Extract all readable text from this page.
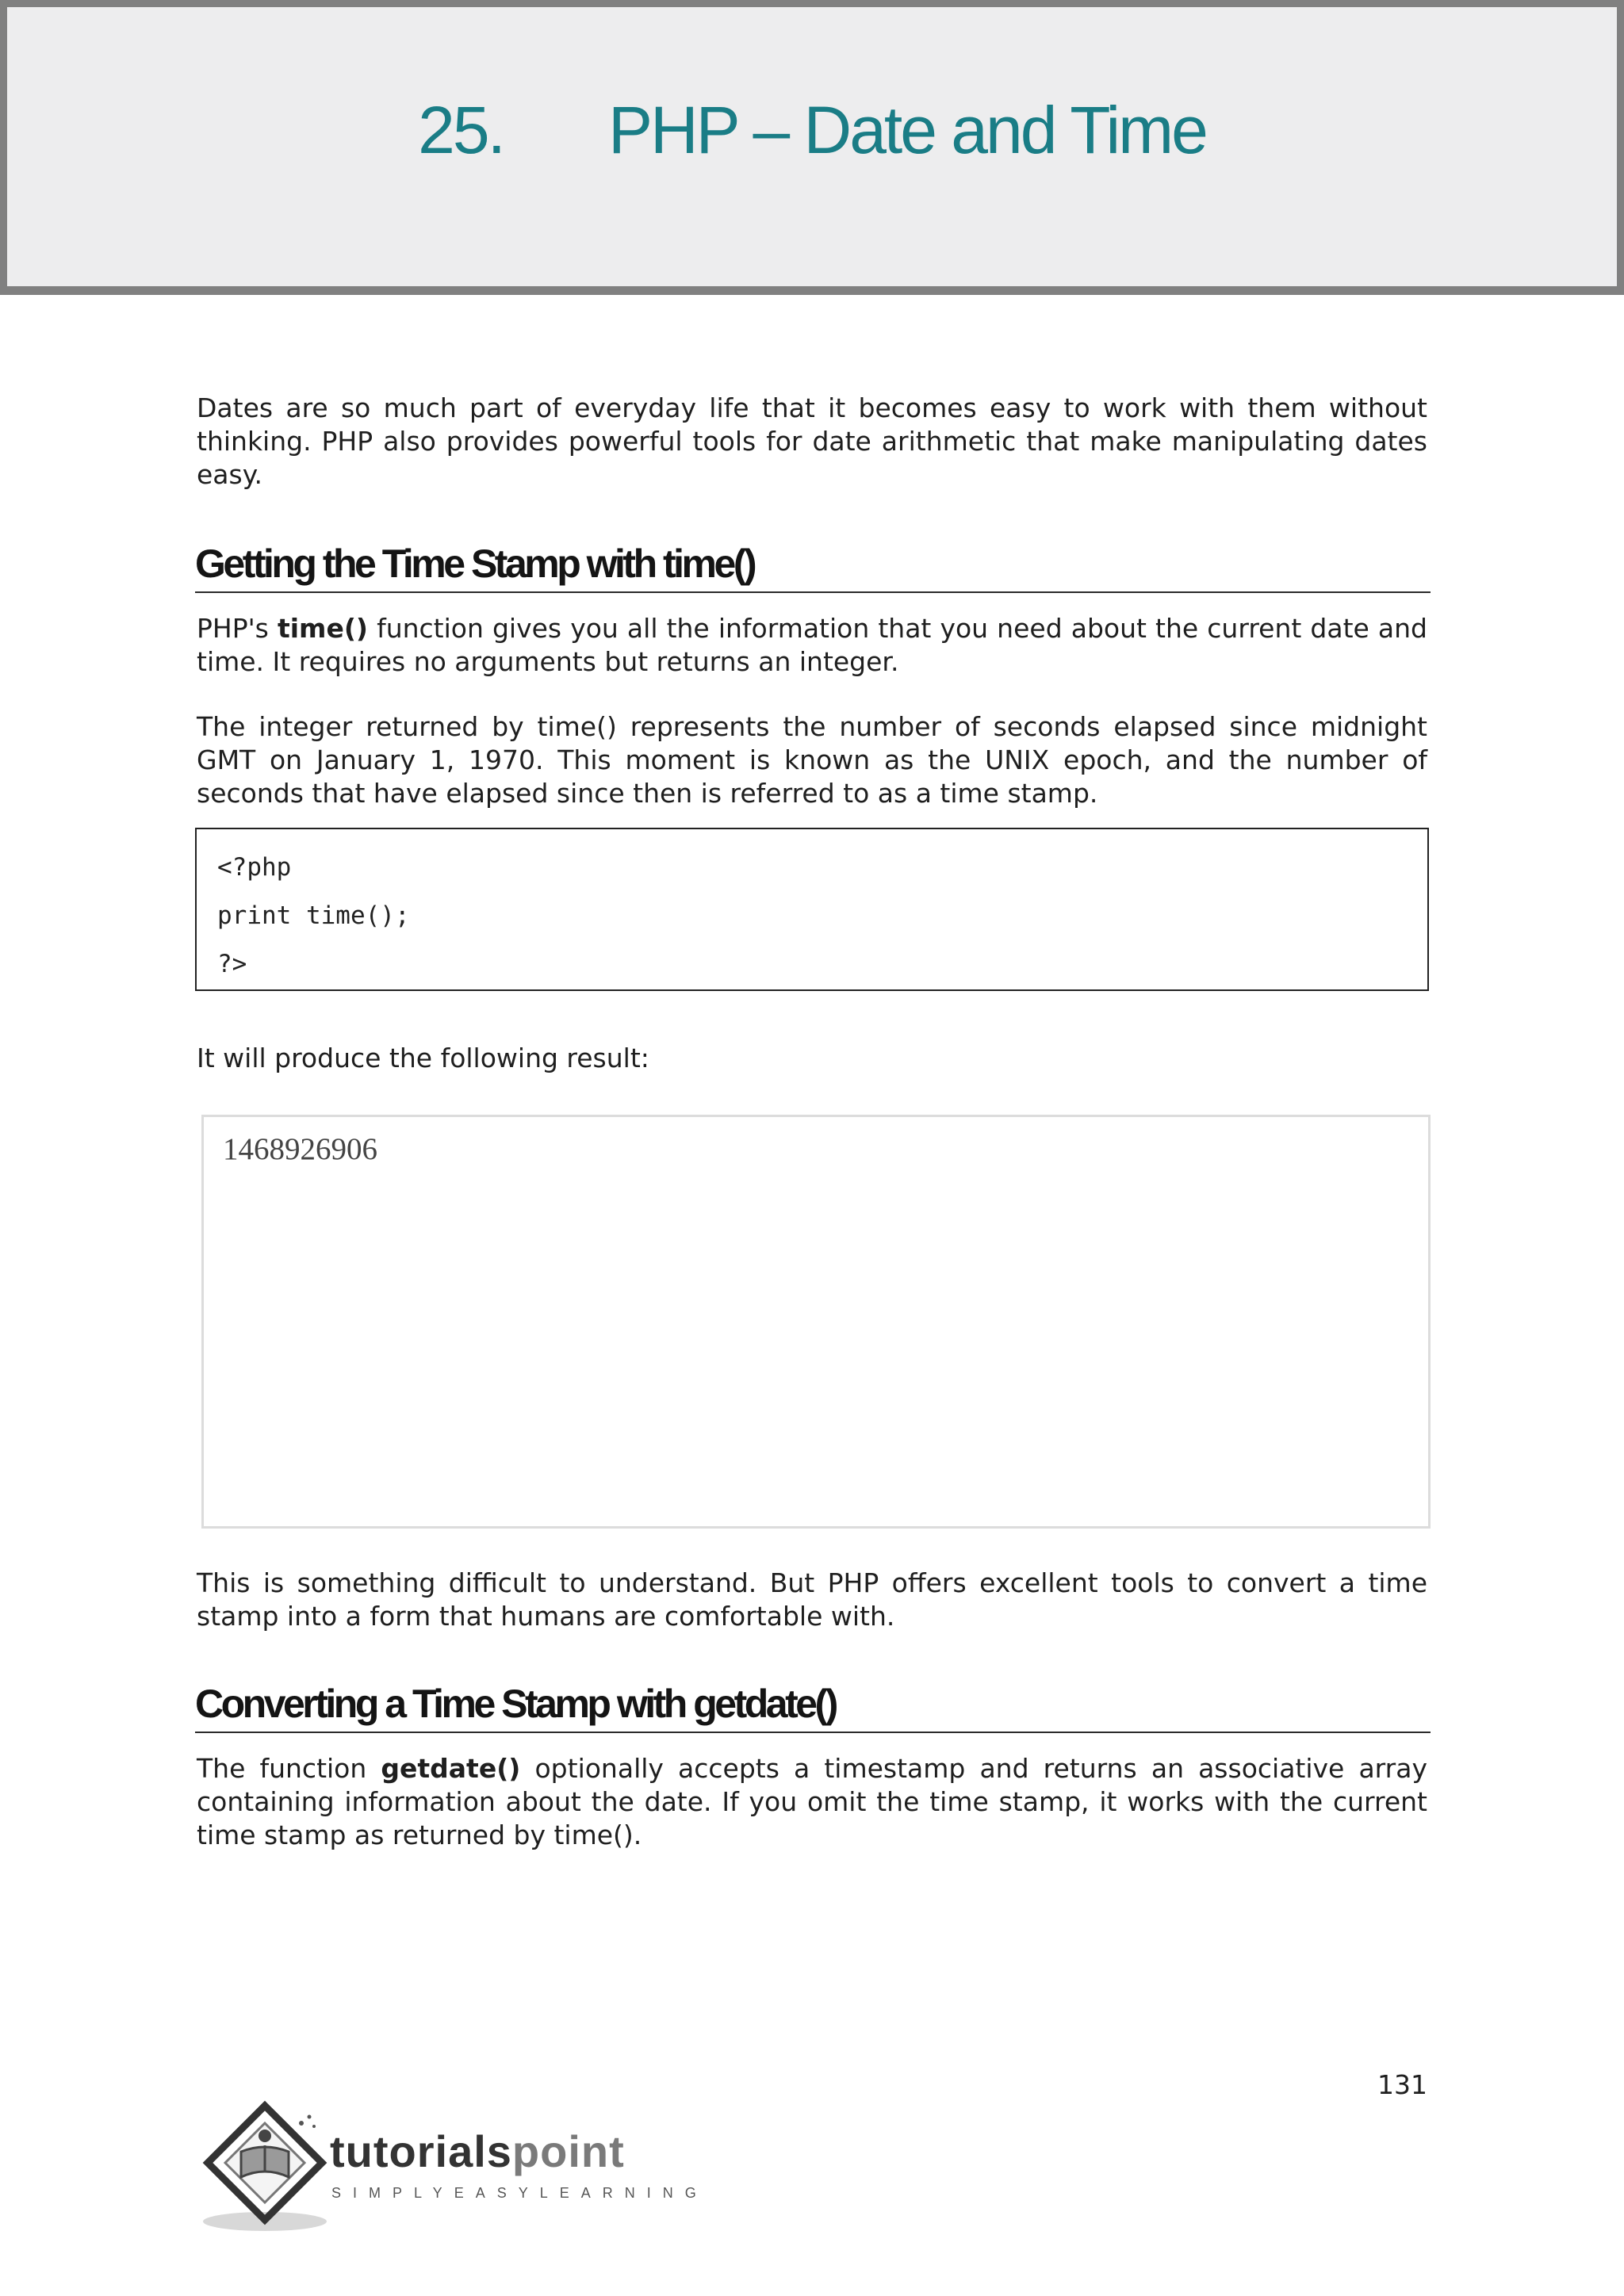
25. PHP – Date and Time

Dates are so much part of everyday life that it becomes easy to work with them without thinking. PHP also provides powerful tools for date arithmetic that make manipulating dates easy.

Getting the Time Stamp with time()

PHP's time() function gives you all the information that you need about the current date and time. It requires no arguments but returns an integer.

The integer returned by time() represents the number of seconds elapsed since midnight GMT on January 1, 1970. This moment is known as the UNIX epoch, and the number of seconds that have elapsed since then is referred to as a time stamp.

<?php
print time();
?>

It will produce the following result:

1468926906

This is something difficult to understand. But PHP offers excellent tools to convert a time stamp into a form that humans are comfortable with.

Converting a Time Stamp with getdate()

The function getdate() optionally accepts a timestamp and returns an associative array containing information about the date. If you omit the time stamp, it works with the current time stamp as returned by time().

131
tutorialspoint
SIMPLYEASYLEARNING
